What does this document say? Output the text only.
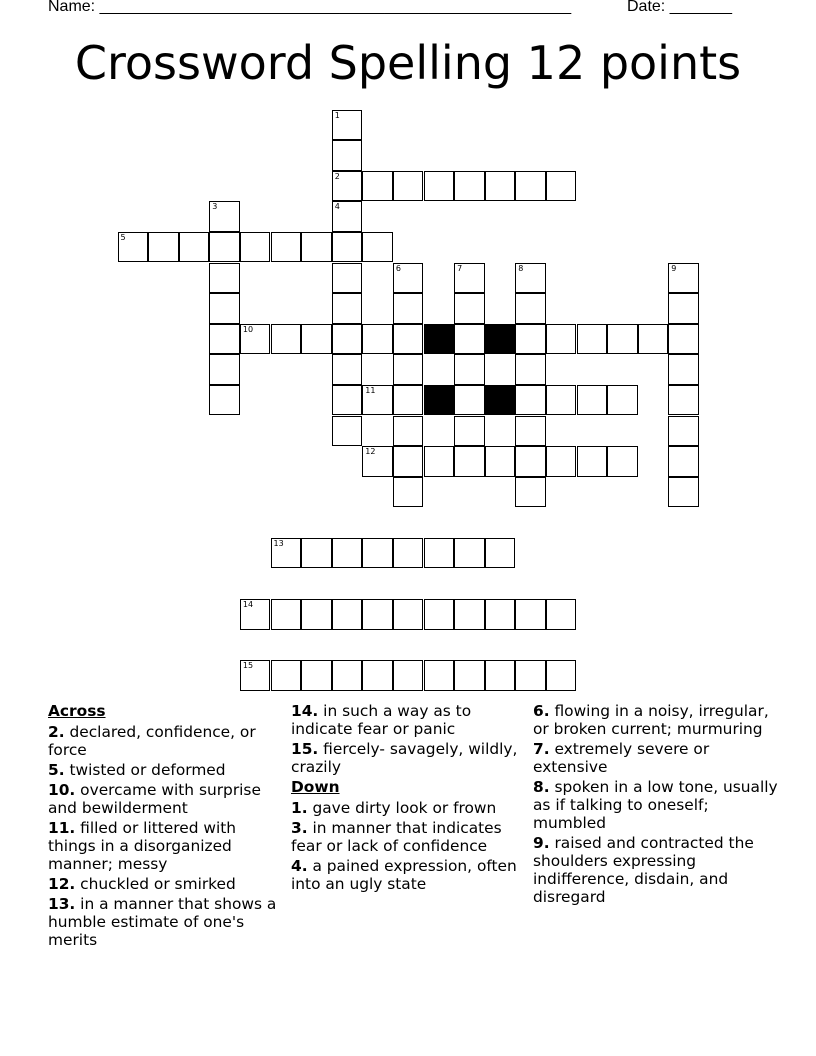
Name: _____________________________________________________	Date: _______
Crossword Spelling 12 points
1
2
4
3
5
6	7	8	9
10
11
12
13
14
15
Across
2. declared, confidence, or force
5. twisted or deformed
10. overcame with surprise and bewilderment
11. filled or littered with things in a disorganized manner; messy
12. chuckled or smirked
13. in a manner that shows a humble estimate of one's merits
14. in such a way as to indicate fear or panic
15. fiercely- savagely, wildly, crazily
Down
1. gave dirty look or frown
3. in manner that indicates fear or lack of confidence
4. a pained expression, often into an ugly state
6. flowing in a noisy, irregular, or broken current; murmuring
7. extremely severe or extensive
8. spoken in a low tone, usually as if talking to oneself; mumbled
9. raised and contracted the shoulders expressing indifference, disdain, and disregard
